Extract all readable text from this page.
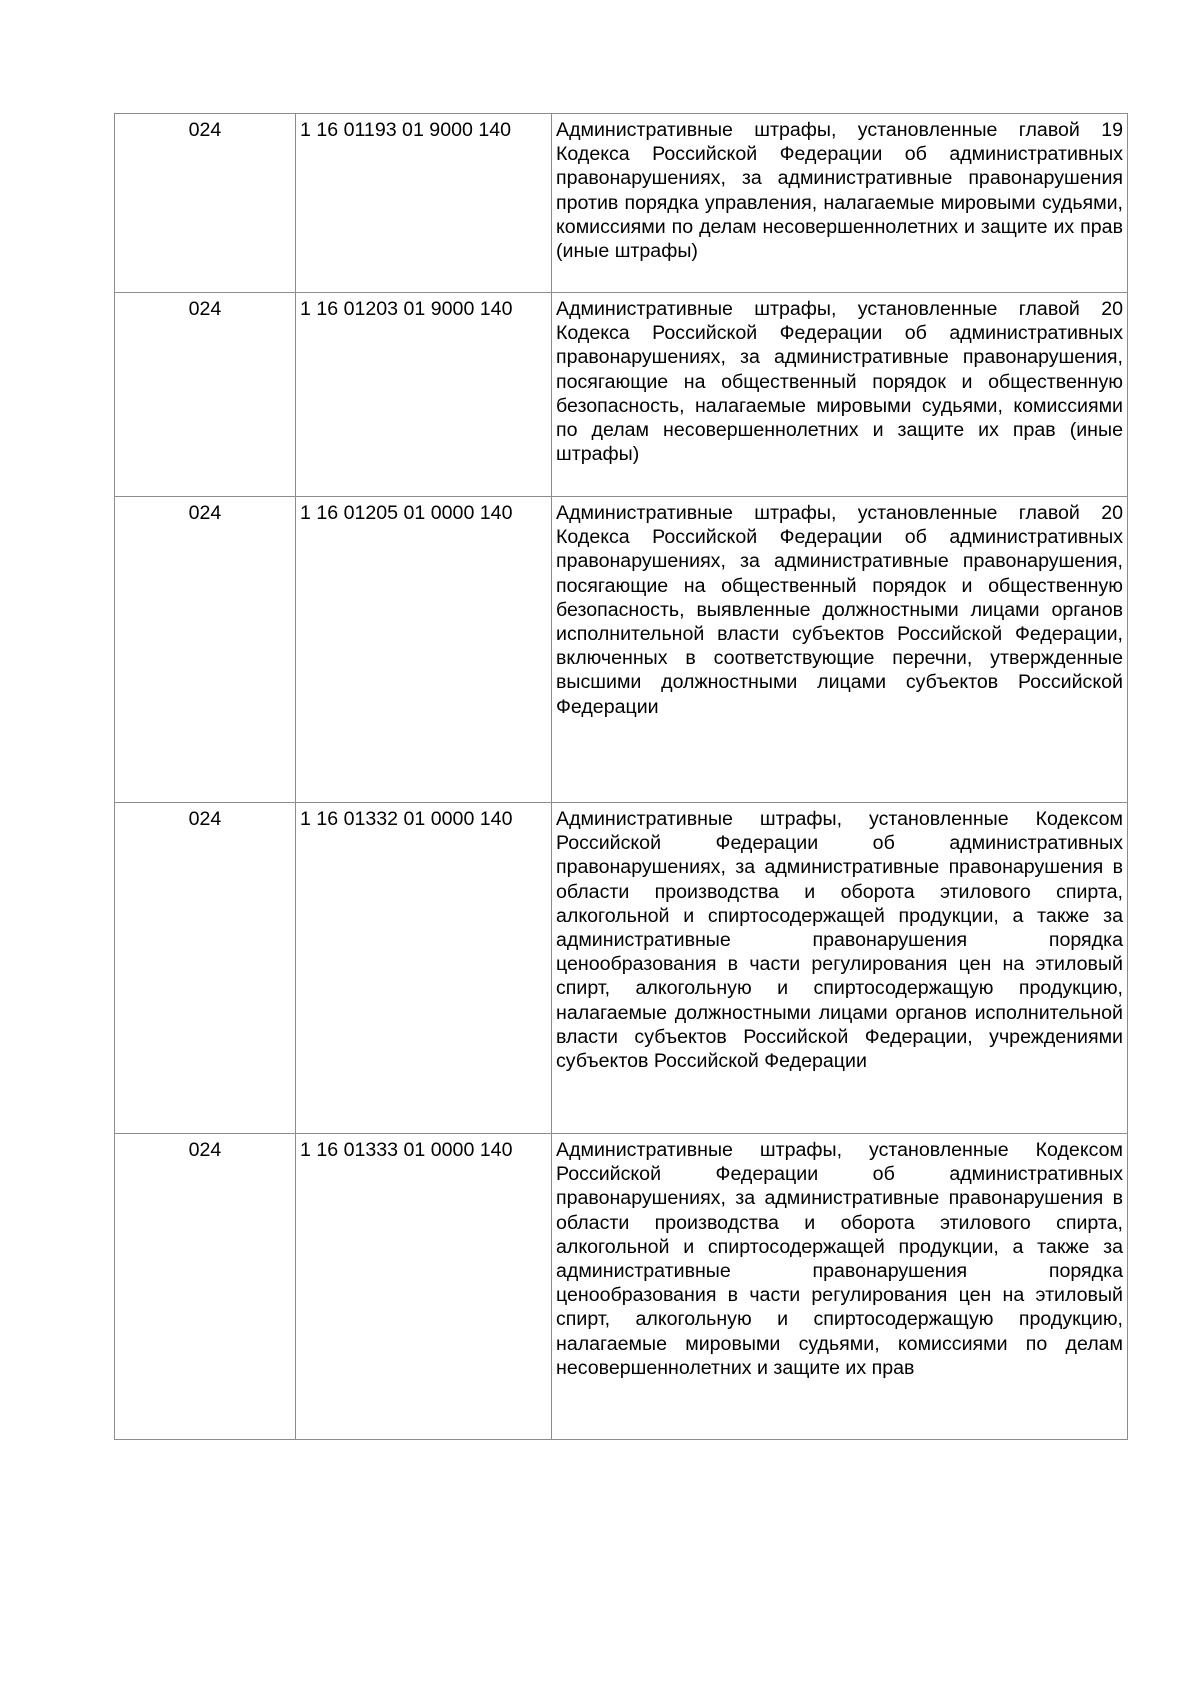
024	1 16 01193 01 9000 140	Административные штрафы, установленные главой 19 Кодекса Российской Федерации об административных правонарушениях, за административные правонарушения против порядка управления, налагаемые мировыми судьями, комиссиями по делам несовершеннолетних и защите их прав (иные штрафы)
024	1 16 01203 01 9000 140	Административные штрафы, установленные главой 20 Кодекса Российской Федерации об административных правонарушениях, за административные правонарушения, посягающие на общественный порядок и общественную безопасность, налагаемые мировыми судьями, комиссиями по делам несовершеннолетних и защите их прав (иные штрафы)
024	1 16 01205 01 0000 140	Административные штрафы, установленные главой 20 Кодекса Российской Федерации об административных правонарушениях, за административные правонарушения, посягающие на общественный порядок и общественную безопасность, выявленные должностными лицами органов исполнительной власти субъектов Российской Федерации, включенных в соответствующие перечни, утвержденные высшими должностными лицами субъектов Российской Федерации
024	1 16 01332 01 0000 140	Административные штрафы, установленные Кодексом Российской Федерации об административных правонарушениях, за административные правонарушения в области производства и оборота этилового спирта, алкогольной и спиртосодержащей продукции, а также за административные правонарушения порядка ценообразования в части регулирования цен на этиловый спирт, алкогольную и спиртосодержащую продукцию, налагаемые должностными лицами органов исполнительной власти субъектов Российской Федерации, учреждениями субъектов Российской Федерации
024	1 16 01333 01 0000 140	Административные штрафы, установленные Кодексом Российской Федерации об административных правонарушениях, за административные правонарушения в области производства и оборота этилового спирта, алкогольной и спиртосодержащей продукции, а также за административные правонарушения порядка ценообразования в части регулирования цен на этиловый спирт, алкогольную и спиртосодержащую продукцию, налагаемые мировыми судьями, комиссиями по делам несовершеннолетних и защите их прав
